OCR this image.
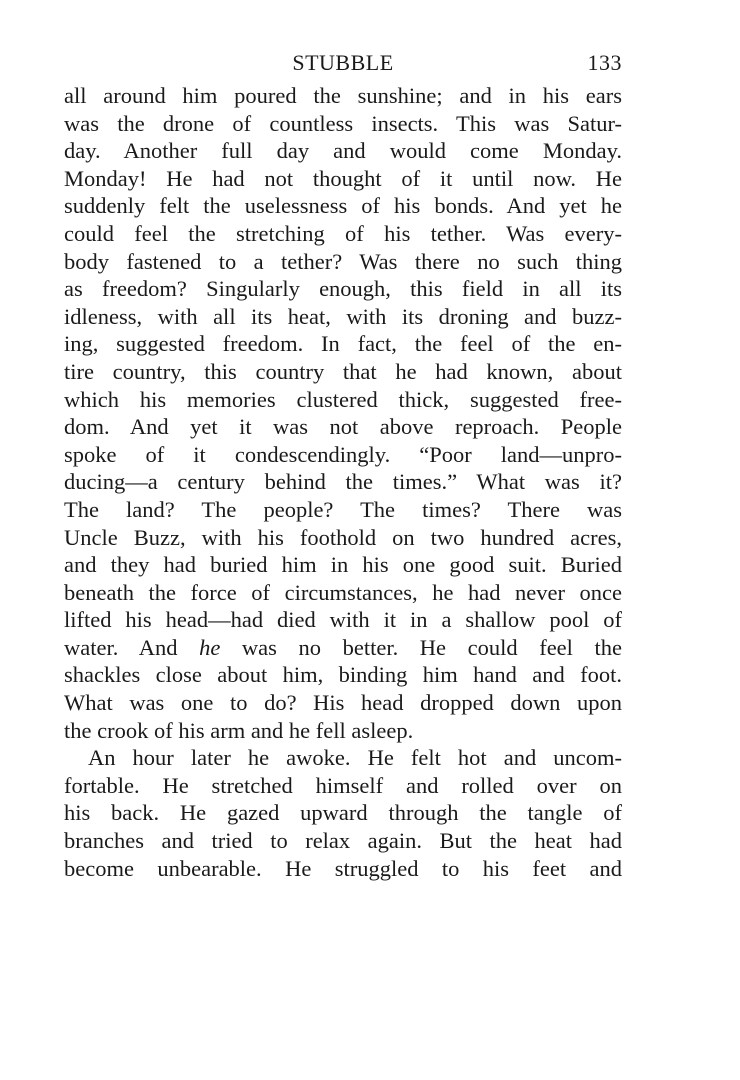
STUBBLE	133
all around him poured the sunshine; and in his ears
was the drone of countless insects. This was Satur-
day. Another full day and would come Monday.
Monday! He had not thought of it until now. He
suddenly felt the uselessness of his bonds. And yet he
could feel the stretching of his tether. Was every-
body fastened to a tether? Was there no such thing
as freedom? Singularly enough, this field in all its
idleness, with all its heat, with its droning and buzz-
ing, suggested freedom. In fact, the feel of the en-
tire country, this country that he had known, about
which his memories clustered thick, suggested free-
dom. And yet it was not above reproach. People
spoke of it condescendingly. “Poor land—unpro-
ducing—a century behind the times.” What was it?
The land? The people? The times? There was
Uncle Buzz, with his foothold on two hundred acres,
and they had buried him in his one good suit. Buried
beneath the force of circumstances, he had never once
lifted his head—had died with it in a shallow pool of
water. And he was no better. He could feel the
shackles close about him, binding him hand and foot.
What was one to do? His head dropped down upon
the crook of his arm and he fell asleep.
An hour later he awoke. He felt hot and uncom-
fortable. He stretched himself and rolled over on
his back. He gazed upward through the tangle of
branches and tried to relax again. But the heat had
become unbearable. He struggled to his feet and
